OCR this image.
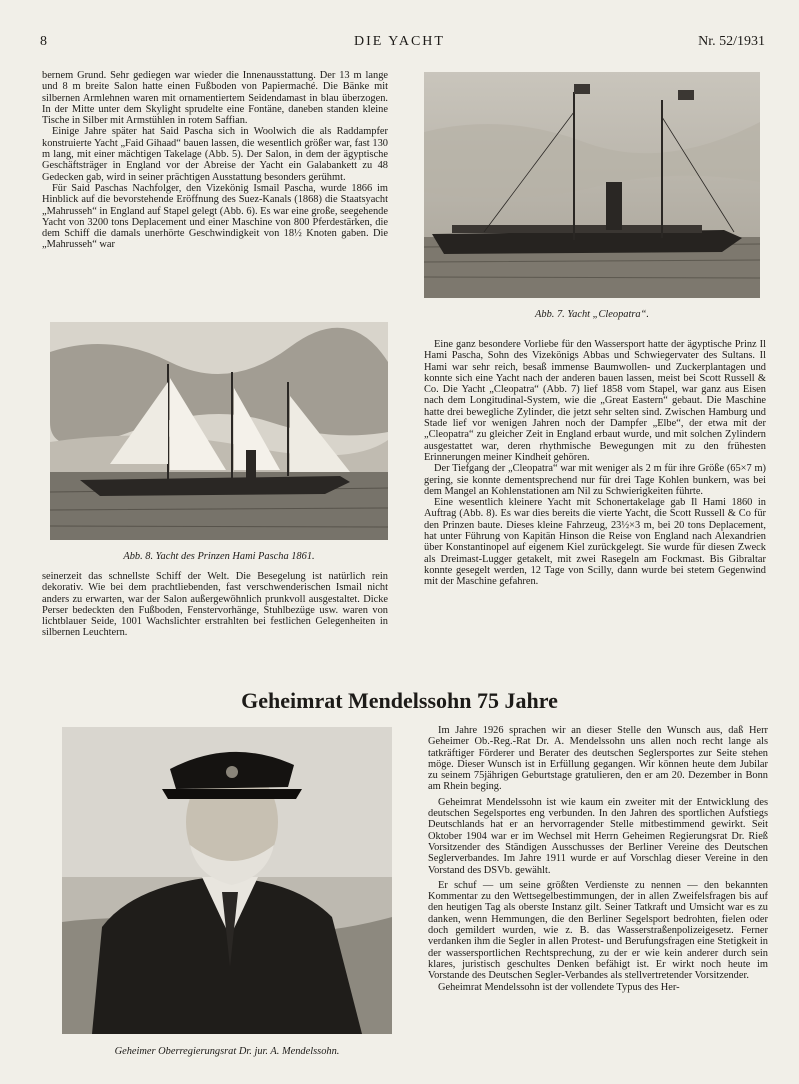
8	DIE YACHT	Nr. 52/1931

bernem Grund. Sehr gediegen war wieder die Innenausstattung. Der 13 m lange und 8 m breite Salon hatte einen Fußboden von Papiermaché. Die Bänke mit silbernen Armlehnen waren mit ornamentiertem Seidendamast in blau überzogen. In der Mitte unter dem Skylight sprudelte eine Fontäne, daneben standen kleine Tische in Silber mit Armstühlen in rotem Saffian.

Einige Jahre später hat Said Pascha sich in Woolwich die als Raddampfer konstruierte Yacht „Faid Gihaad“ bauen lassen, die wesentlich größer war, fast 130 m lang, mit einer mächtigen Takelage (Abb. 5). Der Salon, in dem der ägyptische Geschäftsträger in England vor der Abreise der Yacht ein Galabankett zu 48 Gedecken gab, wird in seiner prächtigen Ausstattung besonders gerühmt.

Für Said Paschas Nachfolger, den Vizekönig Ismail Pascha, wurde 1866 im Hinblick auf die bevorstehende Eröffnung des Suez-Kanals (1868) die Staatsyacht „Mahrusseh“ in England auf Stapel gelegt (Abb. 6). Es war eine große, seegehende Yacht von 3200 tons Deplacement und einer Maschine von 800 Pferdestärken, die dem Schiff die damals unerhörte Geschwindigkeit von 18½ Knoten gaben. Die „Mahrusseh“ war

Abb. 7. Yacht „Cleopatra“.
Abb. 8. Yacht des Prinzen Hami Pascha 1861.

seinerzeit das schnellste Schiff der Welt. Die Besegelung ist natürlich rein dekorativ. Wie bei dem prachtliebenden, fast verschwenderischen Ismail nicht anders zu erwarten, war der Salon außergewöhnlich prunkvoll ausgestaltet. Dicke Perser bedeckten den Fußboden, Fenstervorhänge, Stuhlbezüge usw. waren von lichtblauer Seide, 1001 Wachslichter erstrahlten bei festlichen Gelegenheiten in silbernen Leuchtern.

Eine ganz besondere Vorliebe für den Wassersport hatte der ägyptische Prinz Il Hami Pascha, Sohn des Vizekönigs Abbas und Schwiegervater des Sultans. Il Hami war sehr reich, besaß immense Baumwollen- und Zuckerplantagen und konnte sich eine Yacht nach der anderen bauen lassen, meist bei Scott Russell & Co. Die Yacht „Cleopatra“ (Abb. 7) lief 1858 vom Stapel, war ganz aus Eisen nach dem Longitudinal-System, wie die „Great Eastern“ gebaut. Die Maschine hatte drei bewegliche Zylinder, die jetzt sehr selten sind. Zwischen Hamburg und Stade lief vor wenigen Jahren noch der Dampfer „Elbe“, der etwa mit der „Cleopatra“ zu gleicher Zeit in England erbaut wurde, und mit solchen Zylindern ausgestattet war, deren rhythmische Bewegungen mit zu den frühesten Erinnerungen meiner Kindheit gehören.

Der Tiefgang der „Cleopatra“ war mit weniger als 2 m für ihre Größe (65×7 m) gering, sie konnte dementsprechend nur für drei Tage Kohlen bunkern, was bei dem Mangel an Kohlenstationen am Nil zu Schwierigkeiten führte.

Eine wesentlich kleinere Yacht mit Schonertakelage gab Il Hami 1860 in Auftrag (Abb. 8). Es war dies bereits die vierte Yacht, die Scott Russell & Co für den Prinzen baute. Dieses kleine Fahrzeug, 23½×3 m, bei 20 tons Deplacement, hat unter Führung von Kapitän Hinson die Reise von England nach Alexandrien über Konstantinopel auf eigenem Kiel zurückgelegt. Sie wurde für diesen Zweck als Dreimast-Lugger getakelt, mit zwei Rasegeln am Fockmast. Bis Gibraltar konnte gesegelt werden, 12 Tage von Scilly, dann wurde bei stetem Gegenwind mit der Maschine gefahren.

Geheimrat Mendelssohn 75 Jahre
Geheimer Oberregierungsrat Dr. jur. A. Mendelssohn.

Im Jahre 1926 sprachen wir an dieser Stelle den Wunsch aus, daß Herr Geheimer Ob.-Reg.-Rat Dr. A. Mendelssohn uns allen noch recht lange als tatkräftiger Förderer und Berater des deutschen Seglersportes zur Seite stehen möge. Dieser Wunsch ist in Erfüllung gegangen. Wir können heute dem Jubilar zu seinem 75jährigen Geburtstage gratulieren, den er am 20. Dezember in Bonn am Rhein beging.

Geheimrat Mendelssohn ist wie kaum ein zweiter mit der Entwicklung des deutschen Segelsportes eng verbunden. In den Jahren des sportlichen Aufstiegs Deutschlands hat er an hervorragender Stelle mitbestimmend gewirkt. Seit Oktober 1904 war er im Wechsel mit Herrn Geheimen Regierungsrat Dr. Rieß Vorsitzender des Ständigen Ausschusses der Berliner Vereine des Deutschen Seglerverbandes. Im Jahre 1911 wurde er auf Vorschlag dieser Vereine in den Vorstand des DSVb. gewählt.

Er schuf — um seine größten Verdienste zu nennen — den bekannten Kommentar zu den Wettsegelbestimmungen, der in allen Zweifelsfragen bis auf den heutigen Tag als oberste Instanz gilt. Seiner Tatkraft und Umsicht war es zu danken, wenn Hemmungen, die den Berliner Segelsport bedrohten, fielen oder doch gemildert wurden, wie z. B. das Wasserstraßenpolizeigesetz. Ferner verdanken ihm die Segler in allen Protest- und Berufungsfragen eine Stetigkeit in der wassersportlichen Rechtsprechung, zu der er wie kein anderer durch sein klares, juristisch geschultes Denken befähigt ist. Er wirkt noch heute im Vorstande des Deutschen Segler-Verbandes als stellvertretender Vorsitzender.

Geheimrat Mendelssohn ist der vollendete Typus des Her-
